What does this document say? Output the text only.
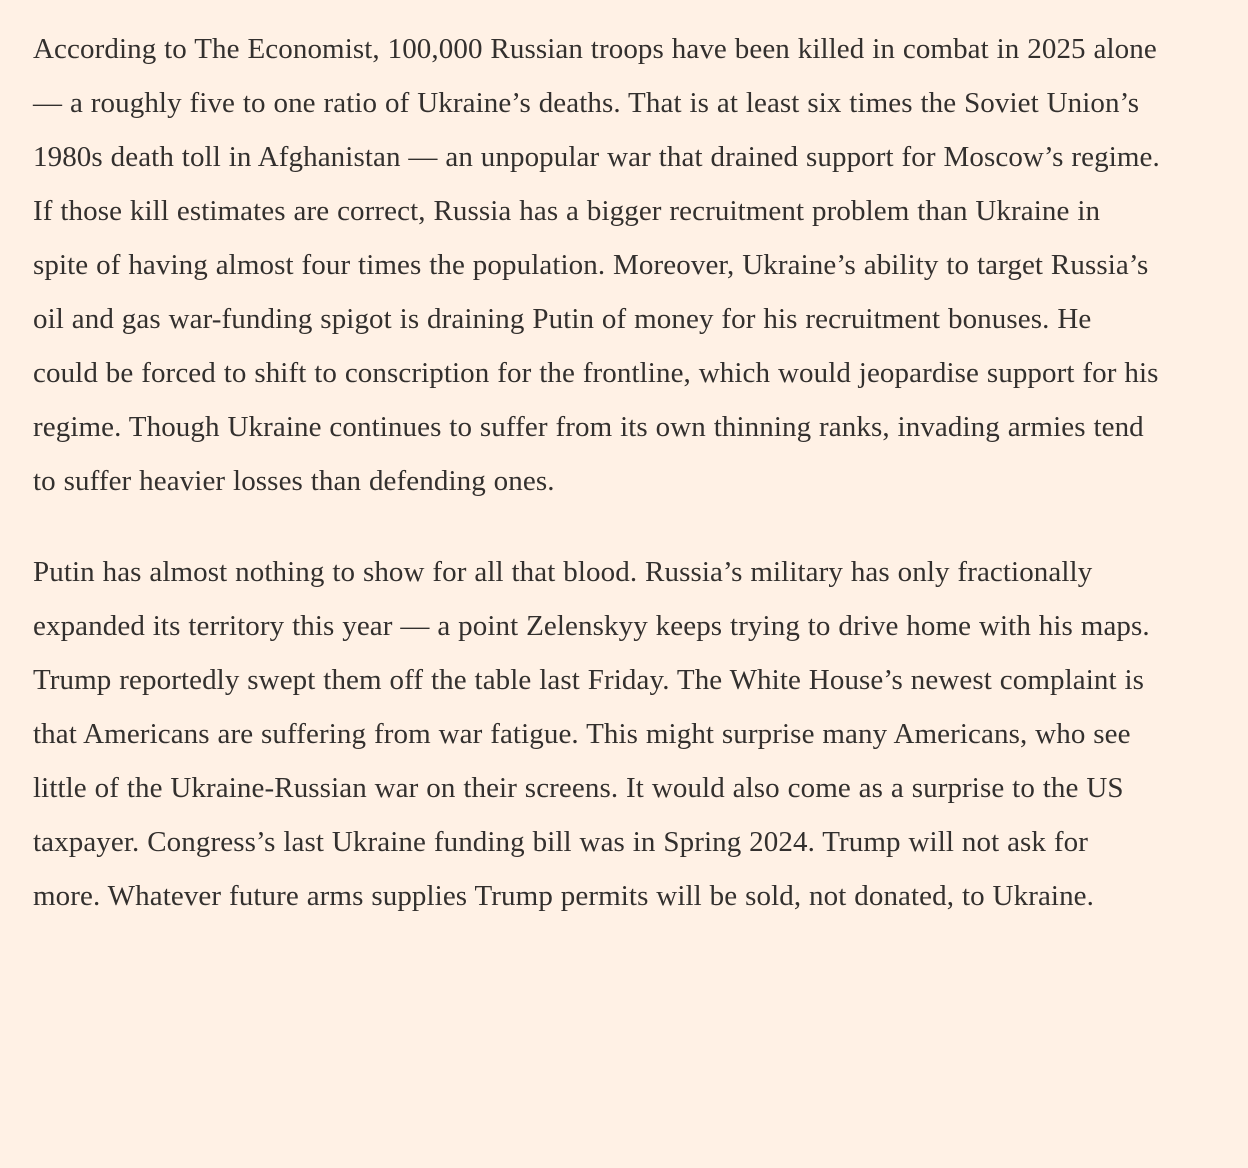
According to The Economist, 100,000 Russian troops have been killed in combat in 2025 alone — a roughly five to one ratio of Ukraine’s deaths. That is at least six times the Soviet Union’s 1980s death toll in Afghanistan — an unpopular war that drained support for Moscow’s regime. If those kill estimates are correct, Russia has a bigger recruitment problem than Ukraine in spite of having almost four times the population. Moreover, Ukraine’s ability to target Russia’s oil and gas war-funding spigot is draining Putin of money for his recruitment bonuses. He could be forced to shift to conscription for the frontline, which would jeopardise support for his regime. Though Ukraine continues to suffer from its own thinning ranks, invading armies tend to suffer heavier losses than defending ones.

Putin has almost nothing to show for all that blood. Russia’s military has only fractionally expanded its territory this year — a point Zelenskyy keeps trying to drive home with his maps. Trump reportedly swept them off the table last Friday. The White House’s newest complaint is that Americans are suffering from war fatigue. This might surprise many Americans, who see little of the Ukraine-Russian war on their screens. It would also come as a surprise to the US taxpayer. Congress’s last Ukraine funding bill was in Spring 2024. Trump will not ask for more. Whatever future arms supplies Trump permits will be sold, not donated, to Ukraine.
